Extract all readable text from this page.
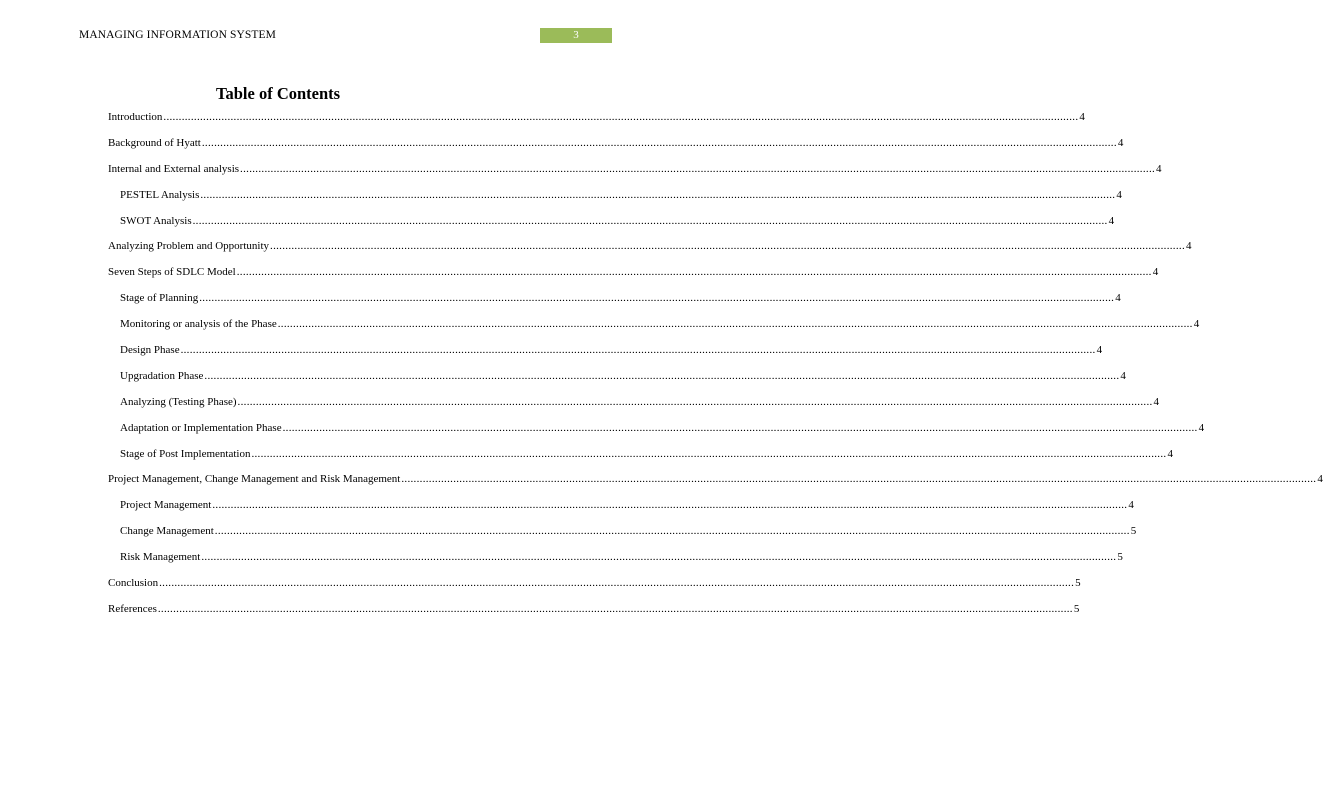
MANAGING INFORMATION SYSTEM	3
Table of Contents
Introduction ............................................................................................................................................................................................................................................................................................................ 4
Background of Hyatt ............................................................................................................................................................................................................................................................................................................ 4
Internal and External analysis ............................................................................................................................................................................................................................................................................................................ 4
PESTEL Analysis ............................................................................................................................................................................................................................................................................................................ 4
SWOT Analysis ............................................................................................................................................................................................................................................................................................................ 4
Analyzing Problem and Opportunity ............................................................................................................................................................................................................................................................................................................ 4
Seven Steps of SDLC Model ............................................................................................................................................................................................................................................................................................................ 4
Stage of Planning ............................................................................................................................................................................................................................................................................................................ 4
Monitoring or analysis of the Phase ............................................................................................................................................................................................................................................................................................................ 4
Design Phase ............................................................................................................................................................................................................................................................................................................ 4
Upgradation Phase ............................................................................................................................................................................................................................................................................................................ 4
Analyzing (Testing Phase) ............................................................................................................................................................................................................................................................................................................ 4
Adaptation or Implementation Phase ............................................................................................................................................................................................................................................................................................................ 4
Stage of Post Implementation ............................................................................................................................................................................................................................................................................................................ 4
Project Management, Change Management and Risk Management ............................................................................................................................................................................................................................................................................................................ 4
Project Management ............................................................................................................................................................................................................................................................................................................ 4
Change Management ............................................................................................................................................................................................................................................................................................................ 5
Risk Management ............................................................................................................................................................................................................................................................................................................ 5
Conclusion ............................................................................................................................................................................................................................................................................................................ 5
References ............................................................................................................................................................................................................................................................................................................ 5
